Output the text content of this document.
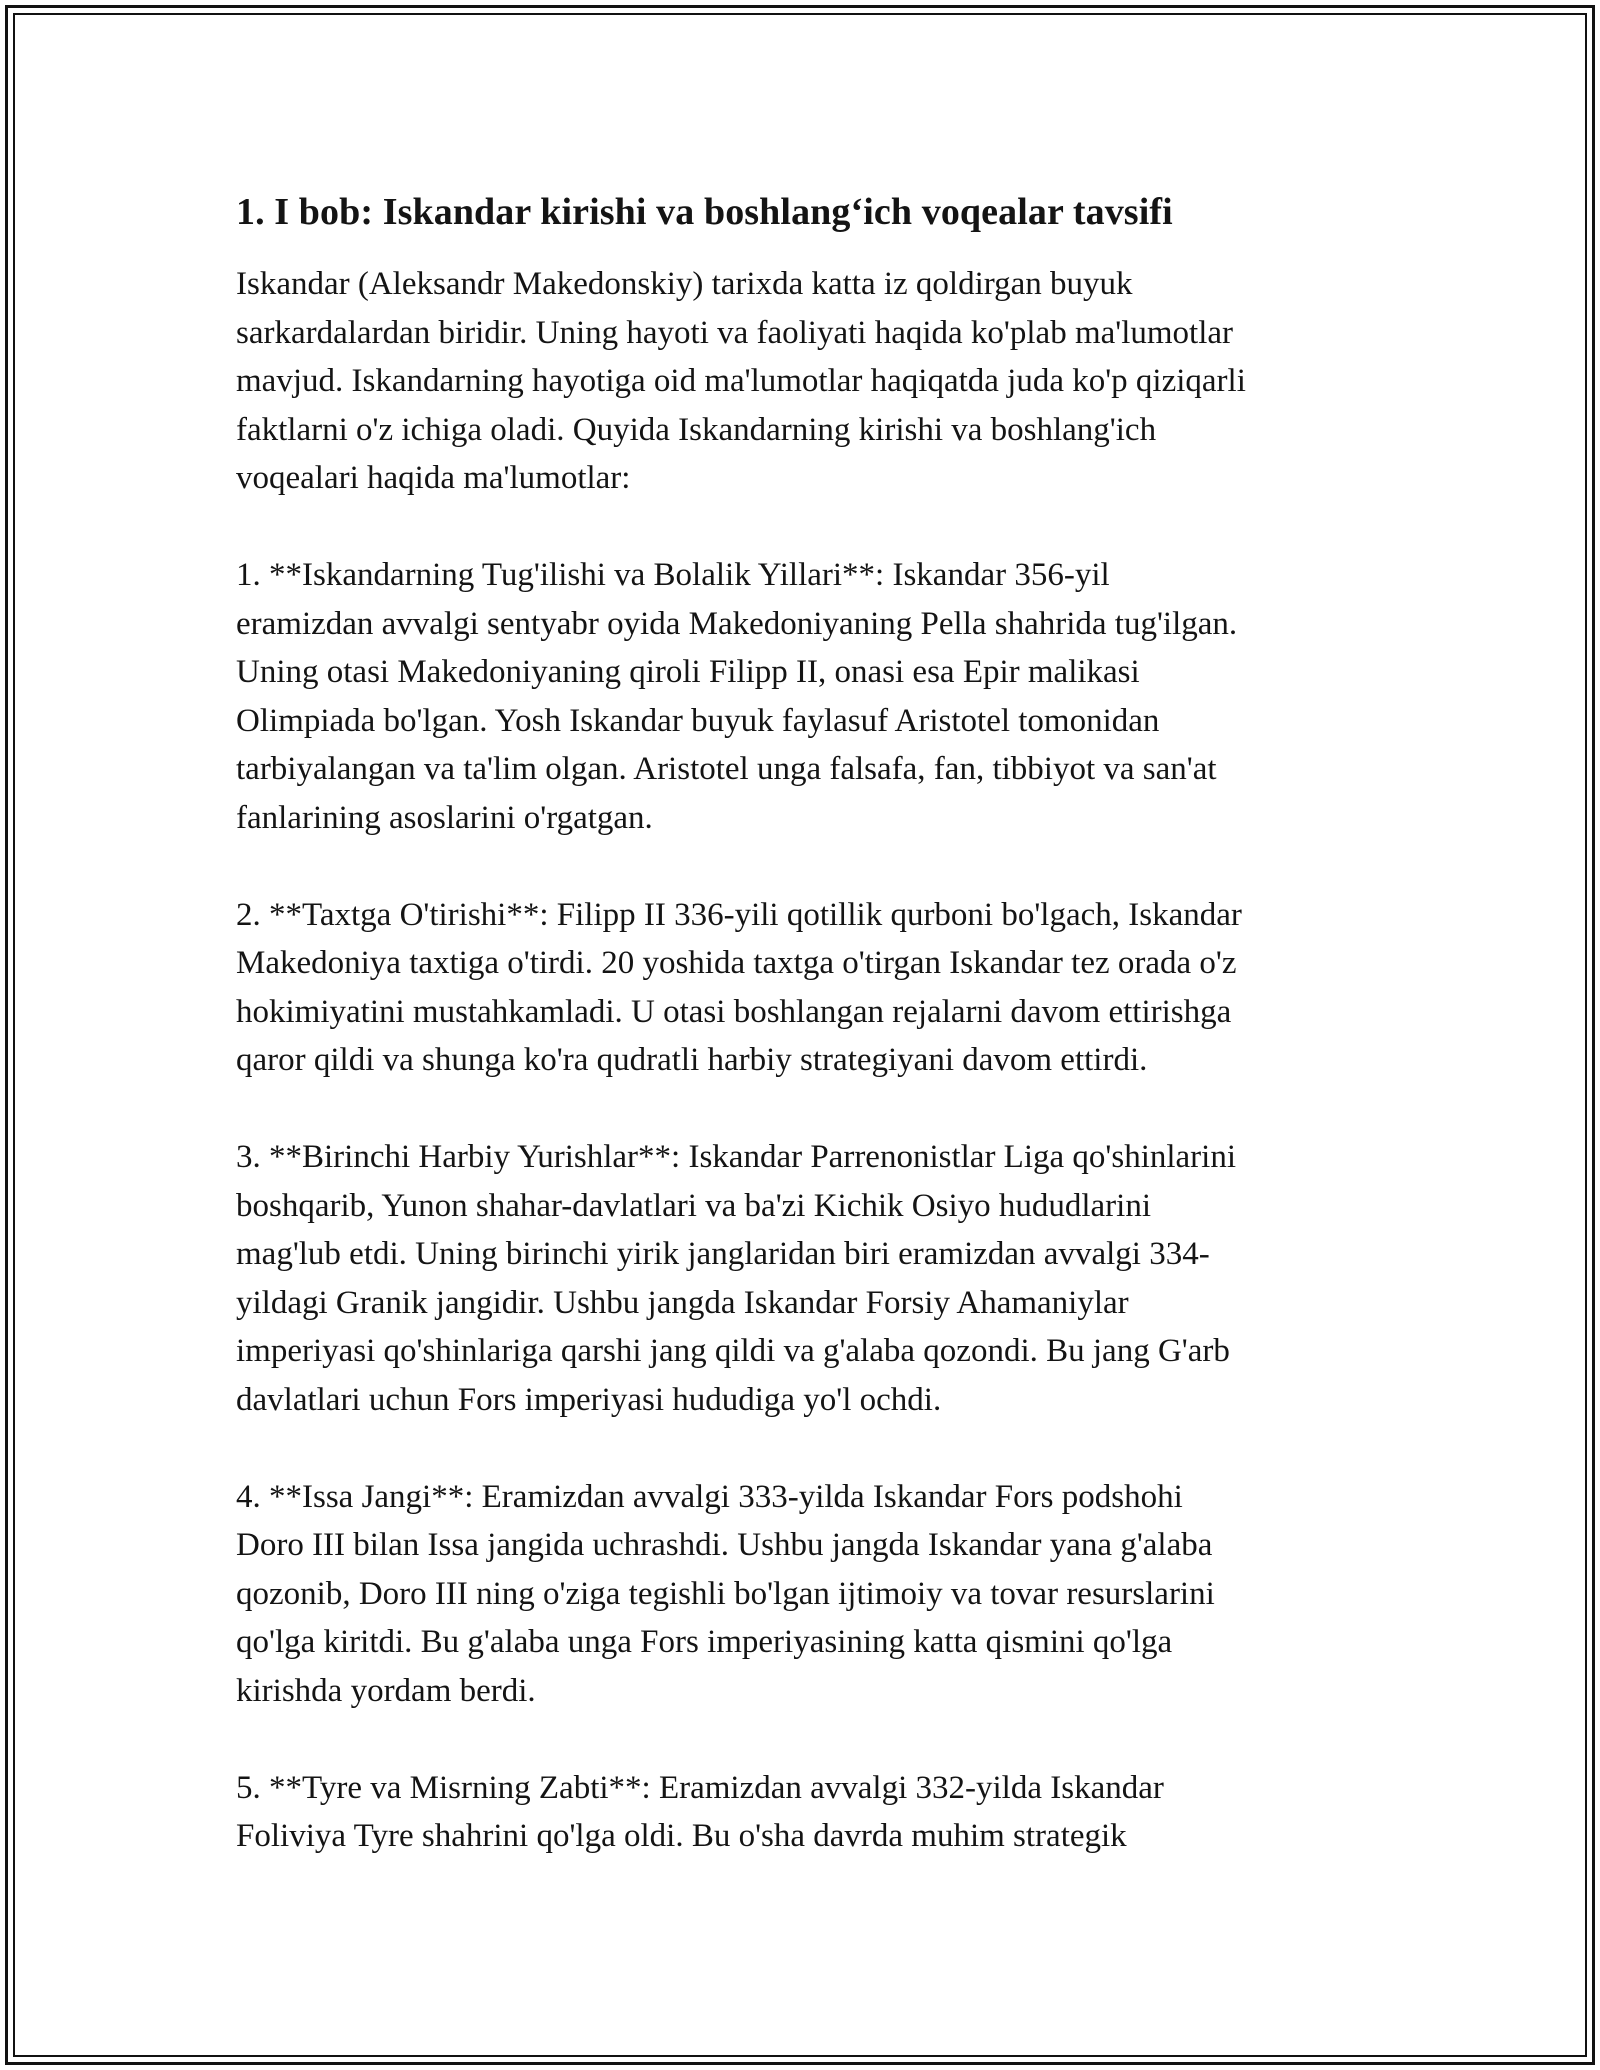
1. I bob: Iskandar kirishi va boshlang‘ich voqealar tavsifi

Iskandar (Aleksandr Makedonskiy) tarixda katta iz qoldirgan buyuk
sarkardalardan biridir. Uning hayoti va faoliyati haqida ko'plab ma'lumotlar
mavjud. Iskandarning hayotiga oid ma'lumotlar haqiqatda juda ko'p qiziqarli
faktlarni o'z ichiga oladi. Quyida Iskandarning kirishi va boshlang'ich
voqealari haqida ma'lumotlar:

1. **Iskandarning Tug'ilishi va Bolalik Yillari**: Iskandar 356-yil
eramizdan avvalgi sentyabr oyida Makedoniyaning Pella shahrida tug'ilgan.
Uning otasi Makedoniyaning qiroli Filipp II, onasi esa Epir malikasi
Olimpiada bo'lgan. Yosh Iskandar buyuk faylasuf Aristotel tomonidan
tarbiyalangan va ta'lim olgan. Aristotel unga falsafa, fan, tibbiyot va san'at
fanlarining asoslarini o'rgatgan.

2. **Taxtga O'tirishi**: Filipp II 336-yili qotillik qurboni bo'lgach, Iskandar
Makedoniya taxtiga o'tirdi. 20 yoshida taxtga o'tirgan Iskandar tez orada o'z
hokimiyatini mustahkamladi. U otasi boshlangan rejalarni davom ettirishga
qaror qildi va shunga ko'ra qudratli harbiy strategiyani davom ettirdi.

3. **Birinchi Harbiy Yurishlar**: Iskandar Parrenonistlar Liga qo'shinlarini
boshqarib, Yunon shahar-davlatlari va ba'zi Kichik Osiyo hududlarini
mag'lub etdi. Uning birinchi yirik janglaridan biri eramizdan avvalgi 334-
yildagi Granik jangidir. Ushbu jangda Iskandar Forsiy Ahamaniylar
imperiyasi qo'shinlariga qarshi jang qildi va g'alaba qozondi. Bu jang G'arb
davlatlari uchun Fors imperiyasi hududiga yo'l ochdi.

4. **Issa Jangi**: Eramizdan avvalgi 333-yilda Iskandar Fors podshohi
Doro III bilan Issa jangida uchrashdi. Ushbu jangda Iskandar yana g'alaba
qozonib, Doro III ning o'ziga tegishli bo'lgan ijtimoiy va tovar resurslarini
qo'lga kiritdi. Bu g'alaba unga Fors imperiyasining katta qismini qo'lga
kirishda yordam berdi.

5. **Tyre va Misrning Zabti**: Eramizdan avvalgi 332-yilda Iskandar
Foliviya Tyre shahrini qo'lga oldi. Bu o'sha davrda muhim strategik
